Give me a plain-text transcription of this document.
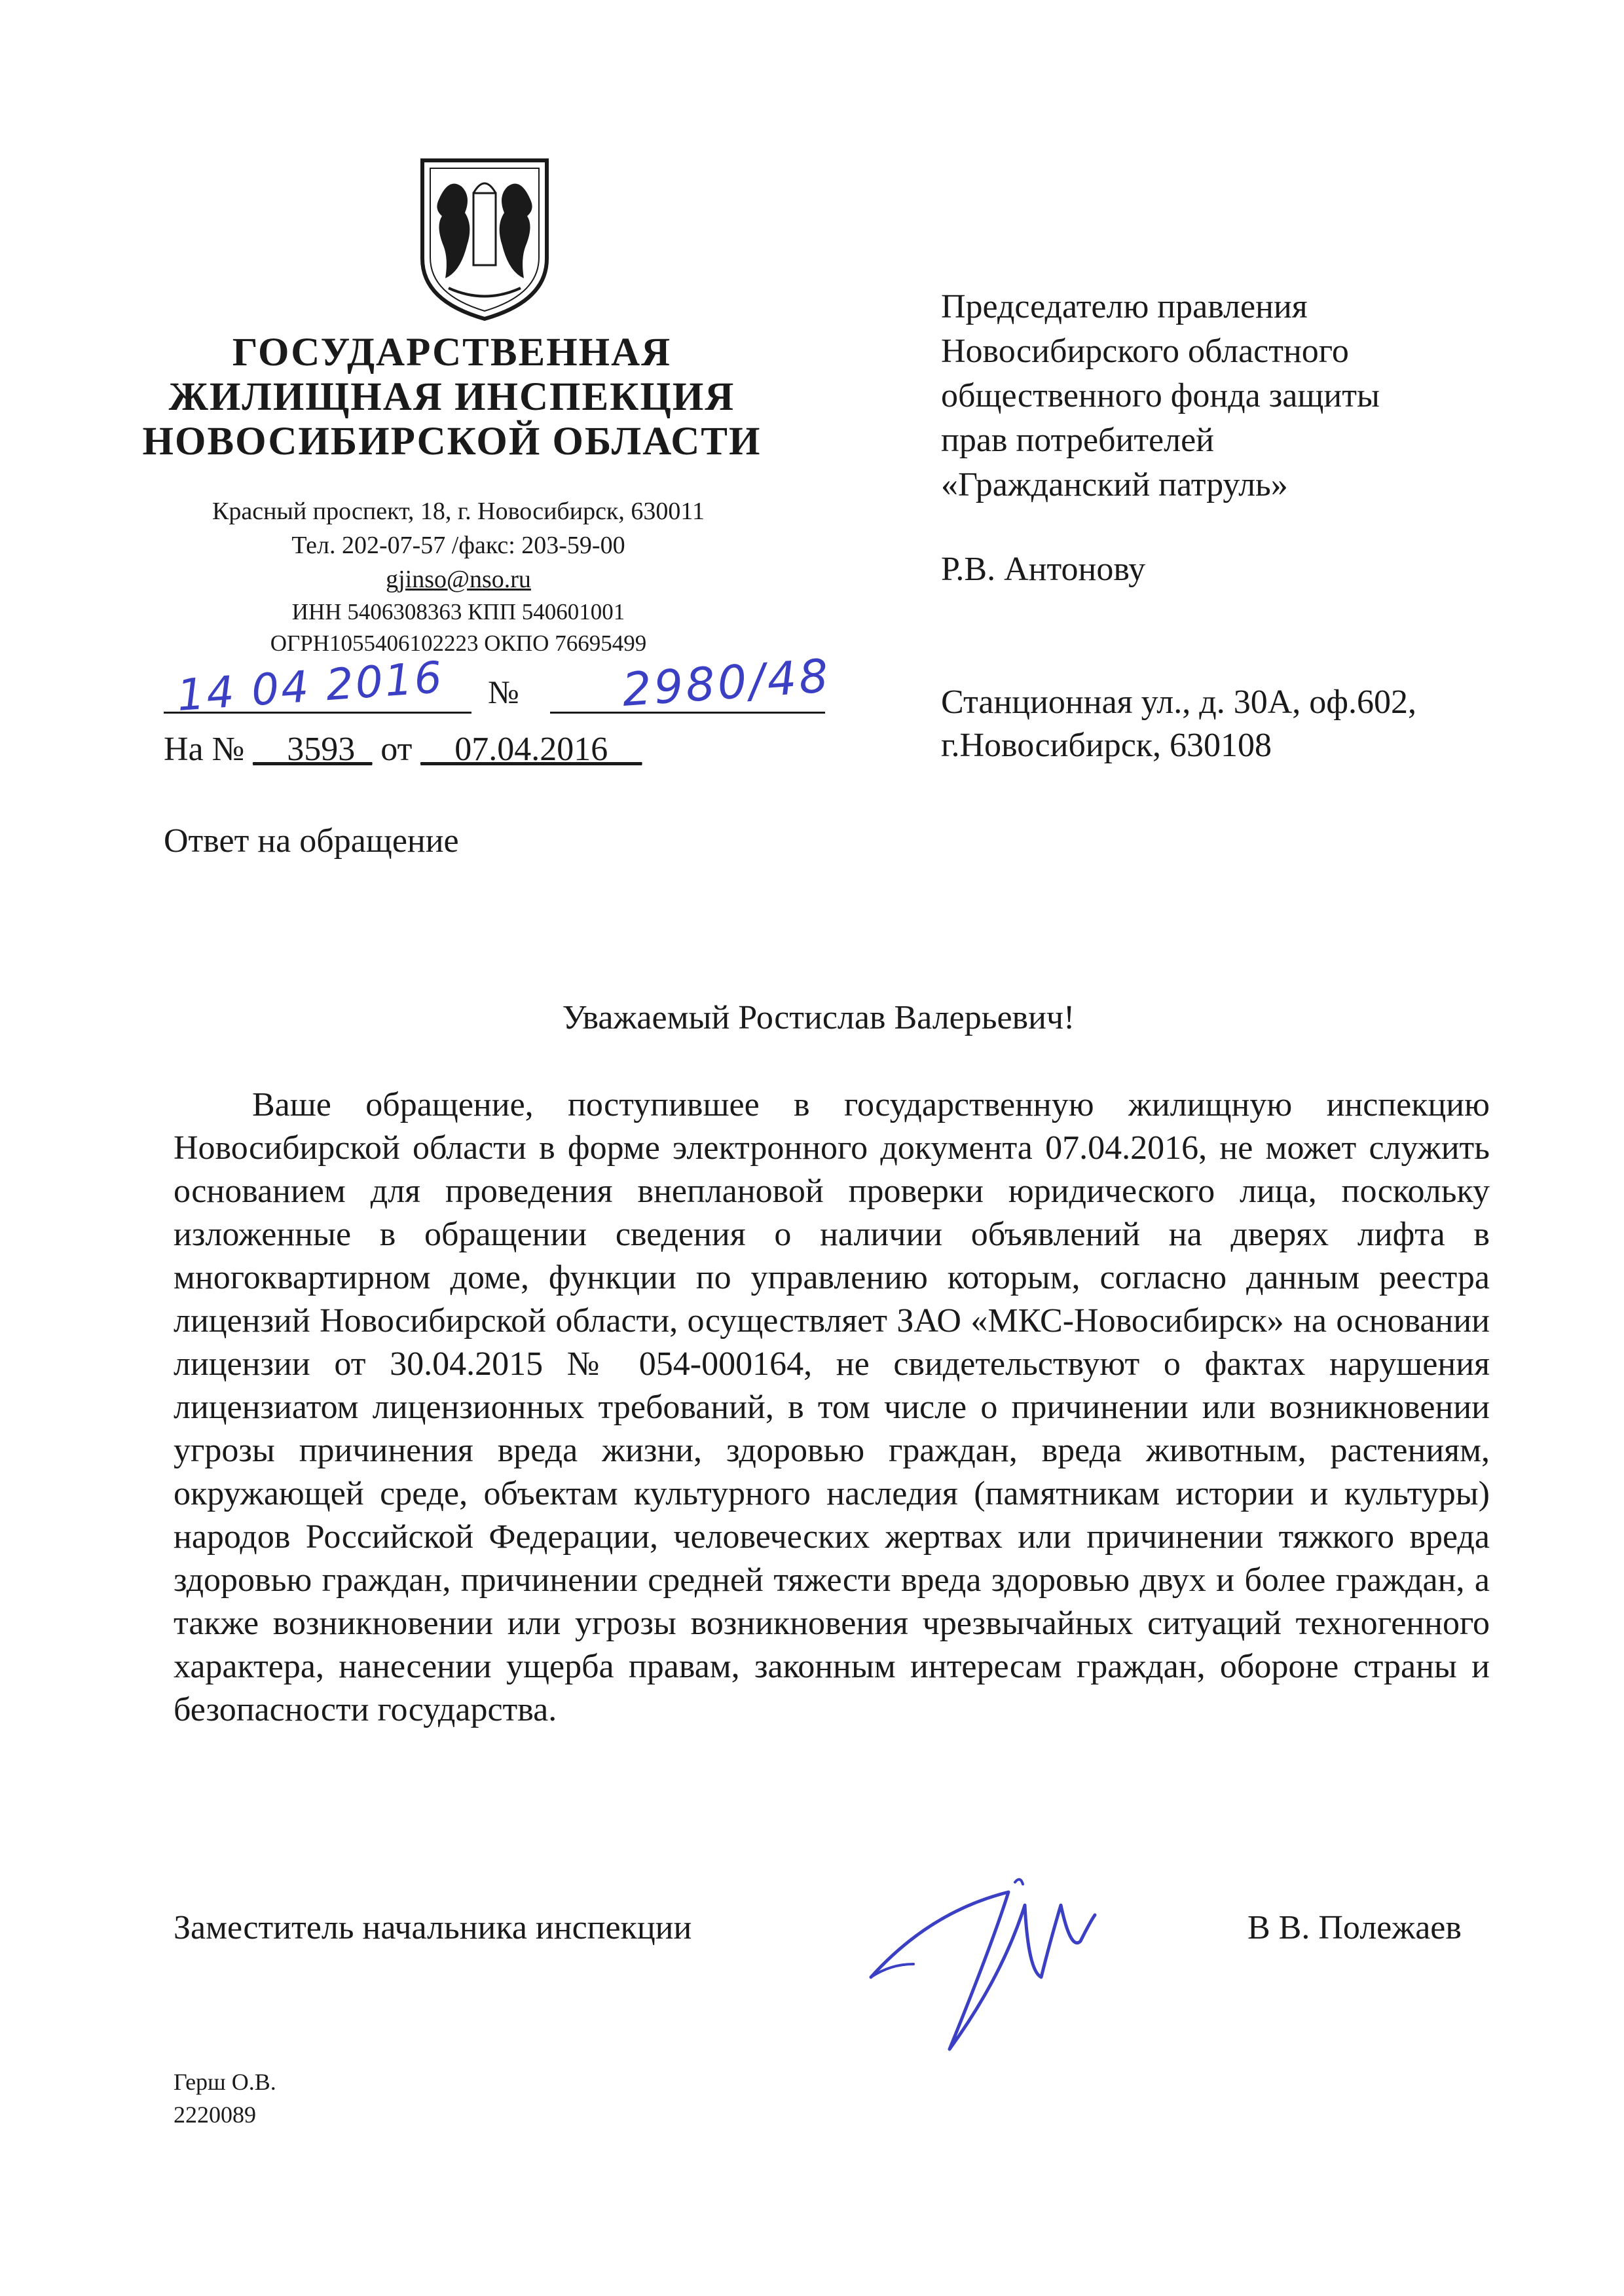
ГОСУДАРСТВЕННАЯ
ЖИЛИЩНАЯ ИНСПЕКЦИЯ
НОВОСИБИРСКОЙ ОБЛАСТИ
Красный проспект, 18, г. Новосибирск, 630011
Тел. 202-07-57 /факс: 203-59-00
gjinso@nso.ru
ИНН 5406308363 КПП 540601001
ОГРН1055406102223 ОКПО 76695499
14 04 2016 № 2980/48
На № __3593_ от __07.04.2016__
Ответ на обращение
Председателю правления
Новосибирского областного
общественного фонда защиты
прав потребителей
«Гражданский патруль»
Р.В. Антонову
Станционная ул., д. 30А, оф.602,
г.Новосибирск, 630108
Уважаемый Ростислав Валерьевич!
Ваше обращение, поступившее в государственную жилищную инспекцию Новосибирской области в форме электронного документа 07.04.2016, не может служить основанием для проведения внеплановой проверки юридического лица, поскольку изложенные в обращении сведения о наличии объявлений на дверях лифта в многоквартирном доме, функции по управлению которым, согласно данным реестра лицензий Новосибирской области, осуществляет ЗАО «МКС-Новосибирск» на основании лицензии от 30.04.2015 № 054-000164, не свидетельствуют о фактах нарушения лицензиатом лицензионных требований, в том числе о причинении или возникновении угрозы причинения вреда жизни, здоровью граждан, вреда животным, растениям, окружающей среде, объектам культурного наследия (памятникам истории и культуры) народов Российской Федерации, человеческих жертвах или причинении тяжкого вреда здоровью граждан, причинении средней тяжести вреда здоровью двух и более граждан, а также возникновении или угрозы возникновения чрезвычайных ситуаций техногенного характера, нанесении ущерба правам, законным интересам граждан, обороне страны и безопасности государства.
Заместитель начальника инспекции	В В. Полежаев
Герш О.В.
2220089
